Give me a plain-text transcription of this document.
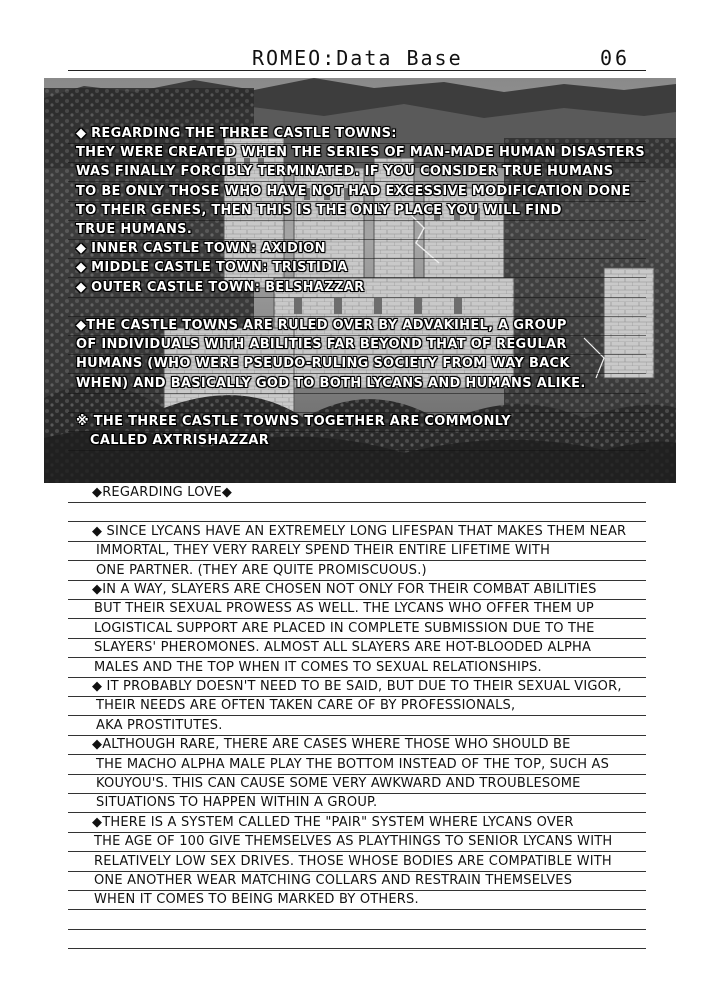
ROMEO:Data Base	06
◆ REGARDING THE THREE CASTLE TOWNS:
THEY WERE CREATED WHEN THE SERIES OF MAN-MADE HUMAN DISASTERS
WAS FINALLY FORCIBLY TERMINATED. IF YOU CONSIDER TRUE HUMANS
TO BE ONLY THOSE WHO HAVE NOT HAD EXCESSIVE MODIFICATION DONE
TO THEIR GENES, THEN THIS IS THE ONLY PLACE YOU WILL FIND
TRUE HUMANS.
◆ INNER CASTLE TOWN: AXIDION
◆ MIDDLE CASTLE TOWN: TRISTIDIA
◆ OUTER CASTLE TOWN: BELSHAZZAR
◆THE CASTLE TOWNS ARE RULED OVER BY ADVAKIHEL, A GROUP
OF INDIVIDUALS WITH ABILITIES FAR BEYOND THAT OF REGULAR
HUMANS (WHO WERE PSEUDO-RULING SOCIETY FROM WAY BACK
WHEN) AND BASICALLY GOD TO BOTH LYCANS AND HUMANS ALIKE.
※ THE THREE CASTLE TOWNS TOGETHER ARE COMMONLY
CALLED AXTRISHAZZAR
◆REGARDING LOVE◆
◆ SINCE LYCANS HAVE AN EXTREMELY LONG LIFESPAN THAT MAKES THEM NEAR
IMMORTAL, THEY VERY RARELY SPEND THEIR ENTIRE LIFETIME WITH
ONE PARTNER. (THEY ARE QUITE PROMISCUOUS.)
◆IN A WAY, SLAYERS ARE CHOSEN NOT ONLY FOR THEIR COMBAT ABILITIES
BUT THEIR SEXUAL PROWESS AS WELL. THE LYCANS WHO OFFER THEM UP
LOGISTICAL SUPPORT ARE PLACED IN COMPLETE SUBMISSION DUE TO THE
SLAYERS' PHEROMONES. ALMOST ALL SLAYERS ARE HOT-BLOODED ALPHA
MALES AND THE TOP WHEN IT COMES TO SEXUAL RELATIONSHIPS.
◆ IT PROBABLY DOESN'T NEED TO BE SAID, BUT DUE TO THEIR SEXUAL VIGOR,
THEIR NEEDS ARE OFTEN TAKEN CARE OF BY PROFESSIONALS,
AKA PROSTITUTES.
◆ALTHOUGH RARE, THERE ARE CASES WHERE THOSE WHO SHOULD BE
THE MACHO ALPHA MALE PLAY THE BOTTOM INSTEAD OF THE TOP, SUCH AS
KOUYOU'S. THIS CAN CAUSE SOME VERY AWKWARD AND TROUBLESOME
SITUATIONS TO HAPPEN WITHIN A GROUP.
◆THERE IS A SYSTEM CALLED THE "PAIR" SYSTEM WHERE LYCANS OVER
THE AGE OF 100 GIVE THEMSELVES AS PLAYTHINGS TO SENIOR LYCANS WITH
RELATIVELY LOW SEX DRIVES. THOSE WHOSE BODIES ARE COMPATIBLE WITH
ONE ANOTHER WEAR MATCHING COLLARS AND RESTRAIN THEMSELVES
WHEN IT COMES TO BEING MARKED BY OTHERS.
